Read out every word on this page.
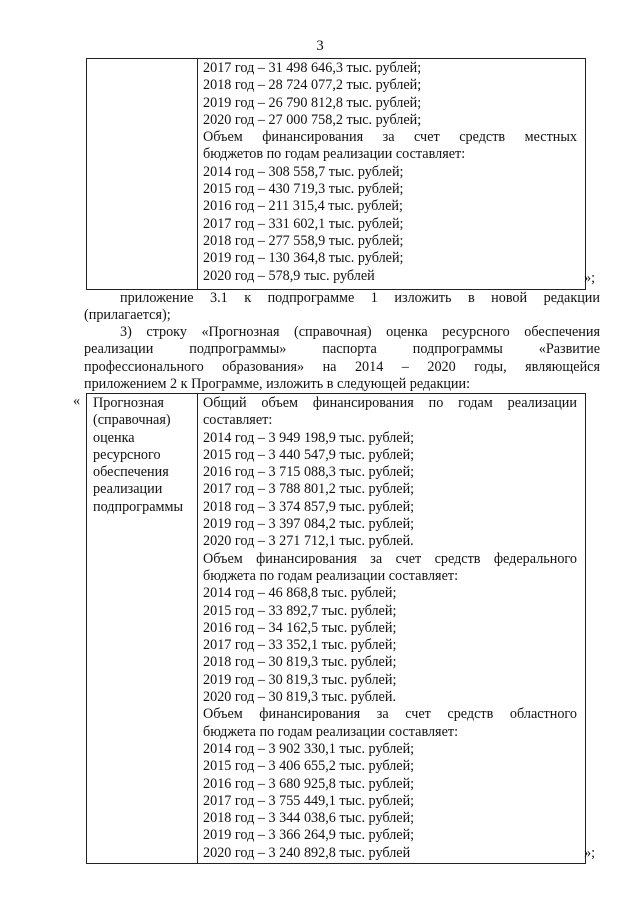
3
2017 год – 31 498 646,3 тыс. рублей;
2018 год – 28 724 077,2 тыс. рублей;
2019 год – 26 790 812,8 тыс. рублей;
2020 год – 27 000 758,2 тыс. рублей;
Объем финансирования за счет средств местных
бюджетов по годам реализации составляет:
2014 год – 308 558,7 тыс. рублей;
2015 год – 430 719,3 тыс. рублей;
2016 год – 211 315,4 тыс. рублей;
2017 год – 331 602,1 тыс. рублей;
2018 год – 277 558,9 тыс. рублей;
2019 год – 130 364,8 тыс. рублей;
2020 год – 578,9 тыс. рублей	»;
приложение 3.1 к подпрограмме 1 изложить в новой редакции
(прилагается);
3) строку «Прогнозная (справочная) оценка ресурсного обеспечения
реализации подпрограммы» паспорта подпрограммы «Развитие
профессионального образования» на 2014 – 2020 годы, являющейся
приложением 2 к Программе, изложить в следующей редакции:
« Прогнозная
(справочная)
оценка
ресурсного
обеспечения
реализации
подпрограммы
Общий объем финансирования по годам реализации
составляет:
2014 год – 3 949 198,9 тыс. рублей;
2015 год – 3 440 547,9 тыс. рублей;
2016 год – 3 715 088,3 тыс. рублей;
2017 год – 3 788 801,2 тыс. рублей;
2018 год – 3 374 857,9 тыс. рублей;
2019 год – 3 397 084,2 тыс. рублей;
2020 год – 3 271 712,1 тыс. рублей.
Объем финансирования за счет средств федерального
бюджета по годам реализации составляет:
2014 год – 46 868,8 тыс. рублей;
2015 год – 33 892,7 тыс. рублей;
2016 год – 34 162,5 тыс. рублей;
2017 год – 33 352,1 тыс. рублей;
2018 год – 30 819,3 тыс. рублей;
2019 год – 30 819,3 тыс. рублей;
2020 год – 30 819,3 тыс. рублей.
Объем финансирования за счет средств областного
бюджета по годам реализации составляет:
2014 год – 3 902 330,1 тыс. рублей;
2015 год – 3 406 655,2 тыс. рублей;
2016 год – 3 680 925,8 тыс. рублей;
2017 год – 3 755 449,1 тыс. рублей;
2018 год – 3 344 038,6 тыс. рублей;
2019 год – 3 366 264,9 тыс. рублей;
2020 год – 3 240 892,8 тыс. рублей	»;
